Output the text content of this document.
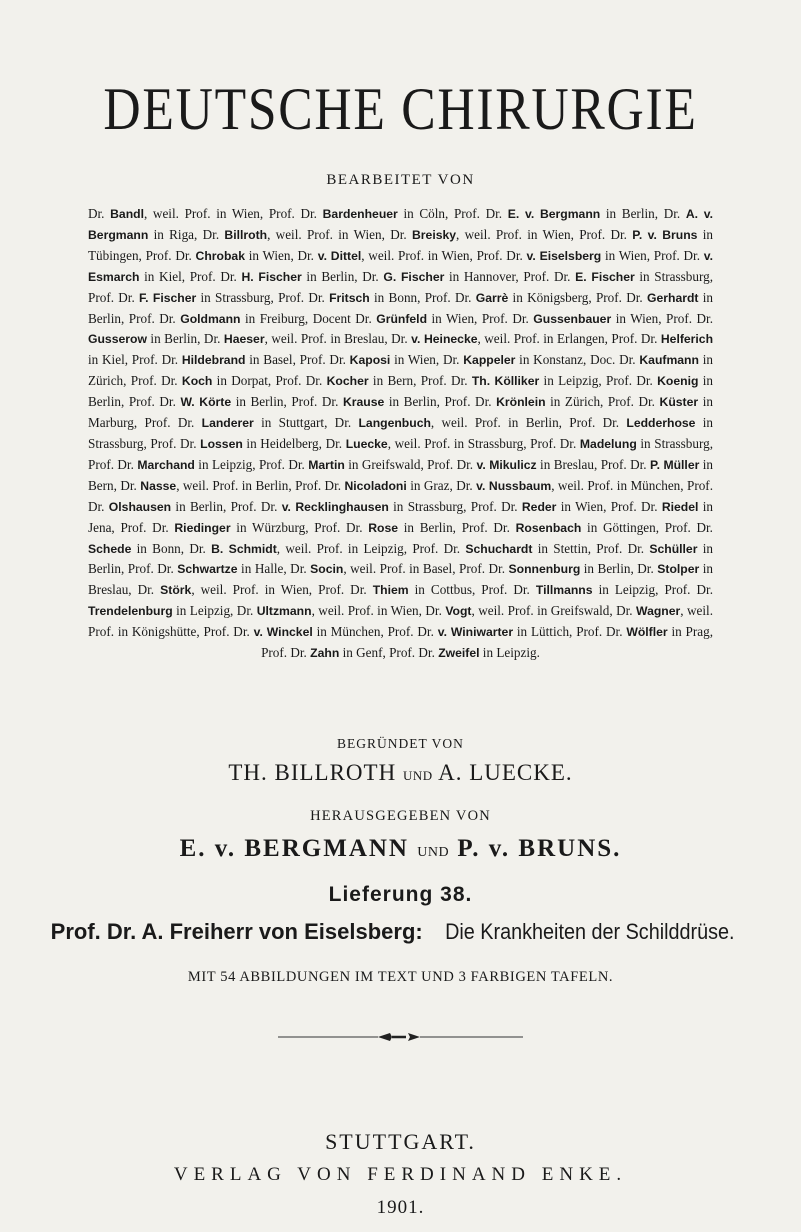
DEUTSCHE CHIRURGIE
BEARBEITET VON
Dr. Bandl, weil. Prof. in Wien, Prof. Dr. Bardenheuer in Cöln, Prof. Dr. E. v. Bergmann in Berlin, Dr. A. v. Bergmann in Riga, Dr. Billroth, weil. Prof. in Wien, Dr. Breisky, weil. Prof. in Wien, Prof. Dr. P. v. Bruns in Tübingen, Prof. Dr. Chrobak in Wien, Dr. v. Dittel, weil. Prof. in Wien, Prof. Dr. v. Eiselsberg in Wien, Prof. Dr. v. Esmarch in Kiel, Prof. Dr. H. Fischer in Berlin, Dr. G. Fischer in Hannover, Prof. Dr. E. Fischer in Strassburg, Prof. Dr. F. Fischer in Strassburg, Prof. Dr. Fritsch in Bonn, Prof. Dr. Garrè in Königsberg, Prof. Dr. Gerhardt in Berlin, Prof. Dr. Goldmann in Freiburg, Docent Dr. Grünfeld in Wien, Prof. Dr. Gussenbauer in Wien, Prof. Dr. Gusserow in Berlin, Dr. Haeser, weil. Prof. in Breslau, Dr. v. Heinecke, weil. Prof. in Erlangen, Prof. Dr. Helferich in Kiel, Prof. Dr. Hildebrand in Basel, Prof. Dr. Kaposi in Wien, Dr. Kappeler in Konstanz, Doc. Dr. Kaufmann in Zürich, Prof. Dr. Koch in Dorpat, Prof. Dr. Kocher in Bern, Prof. Dr. Th. Kölliker in Leipzig, Prof. Dr. Koenig in Berlin, Prof. Dr. W. Körte in Berlin, Prof. Dr. Krause in Berlin, Prof. Dr. Krönlein in Zürich, Prof. Dr. Küster in Marburg, Prof. Dr. Landerer in Stuttgart, Dr. Langenbuch, weil. Prof. in Berlin, Prof. Dr. Ledderhose in Strassburg, Prof. Dr. Lossen in Heidelberg, Dr. Luecke, weil. Prof. in Strassburg, Prof. Dr. Madelung in Strassburg, Prof. Dr. Marchand in Leipzig, Prof. Dr. Martin in Greifswald, Prof. Dr. v. Mikulicz in Breslau, Prof. Dr. P. Müller in Bern, Dr. Nasse, weil. Prof. in Berlin, Prof. Dr. Nicoladoni in Graz, Dr. v. Nussbaum, weil. Prof. in München, Prof. Dr. Olshausen in Berlin, Prof. Dr. v. Recklinghausen in Strassburg, Prof. Dr. Reder in Wien, Prof. Dr. Riedel in Jena, Prof. Dr. Riedinger in Würzburg, Prof. Dr. Rose in Berlin, Prof. Dr. Rosenbach in Göttingen, Prof. Dr. Schede in Bonn, Dr. B. Schmidt, weil. Prof. in Leipzig, Prof. Dr. Schuchardt in Stettin, Prof. Dr. Schüller in Berlin, Prof. Dr. Schwartze in Halle, Dr. Socin, weil. Prof. in Basel, Prof. Dr. Sonnenburg in Berlin, Dr. Stolper in Breslau, Dr. Störk, weil. Prof. in Wien, Prof. Dr. Thiem in Cottbus, Prof. Dr. Tillmanns in Leipzig, Prof. Dr. Trendelenburg in Leipzig, Dr. Ultzmann, weil. Prof. in Wien, Dr. Vogt, weil. Prof. in Greifswald, Dr. Wagner, weil. Prof. in Königshütte, Prof. Dr. v. Winckel in München, Prof. Dr. v. Winiwarter in Lüttich, Prof. Dr. Wölfler in Prag, Prof. Dr. Zahn in Genf, Prof. Dr. Zweifel in Leipzig.
BEGRÜNDET VON
TH. BILLROTH UND A. LUECKE.
HERAUSGEGEBEN VON
E. v. BERGMANN UND P. v. BRUNS.
Lieferung 38.
Prof. Dr. A. Freiherr von Eiselsberg: Die Krankheiten der Schilddrüse.
MIT 54 ABBILDUNGEN IM TEXT UND 3 FARBIGEN TAFELN.
STUTTGART.
VERLAG VON FERDINAND ENKE.
1901.
